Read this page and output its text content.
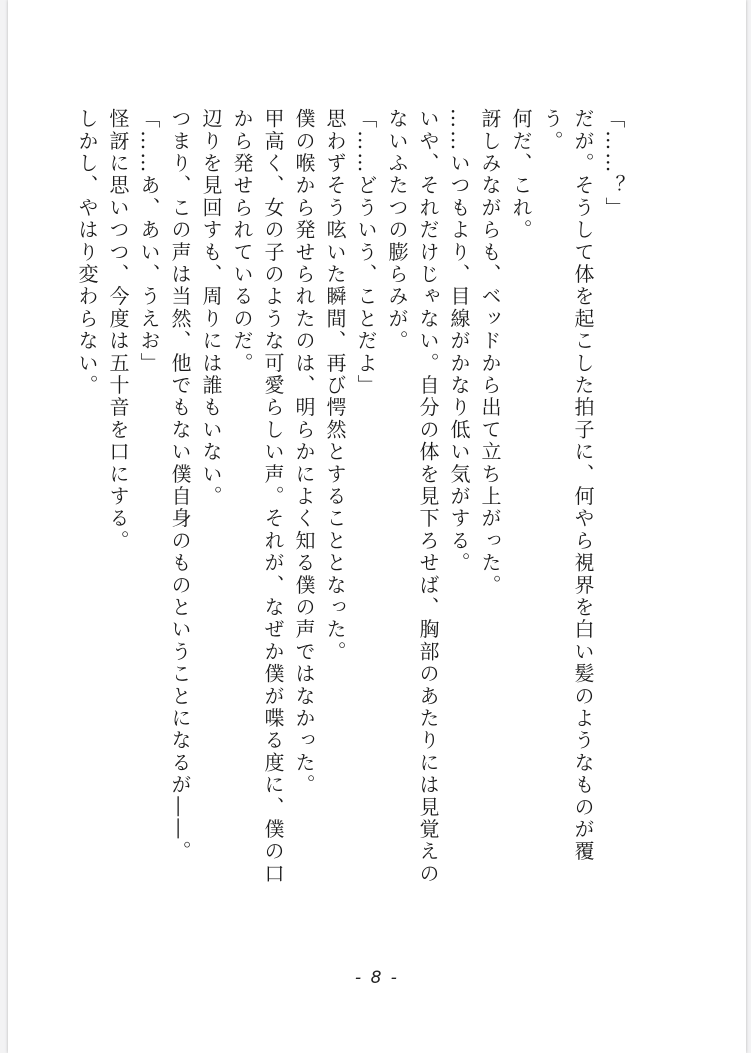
「……？」

だが。そうして体を起こした拍子に、何やら視界を白い髪のようなものが覆う。

何だ、これ。

訝しみながらも、ベッドから出て立ち上がった。

……いつもより、目線がかなり低い気がする。

いや、それだけじゃない。自分の体を見下ろせば、胸部のあたりには見覚えのないふたつの膨らみが。

「……どういう、ことだよ」

思わずそう呟いた瞬間、再び愕然とすることとなった。

僕の喉から発せられたのは、明らかによく知る僕の声ではなかった。

甲高く、女の子のような可愛らしい声。それが、なぜか僕が喋る度に、僕の口から発せられているのだ。

辺りを見回すも、周りには誰もいない。

つまり、この声は当然、他でもない僕自身のものということになるが――。

「……あ、あい、うえお」

怪訝に思いつつ、今度は五十音を口にする。

しかし、やはり変わらない。

- 8 -
